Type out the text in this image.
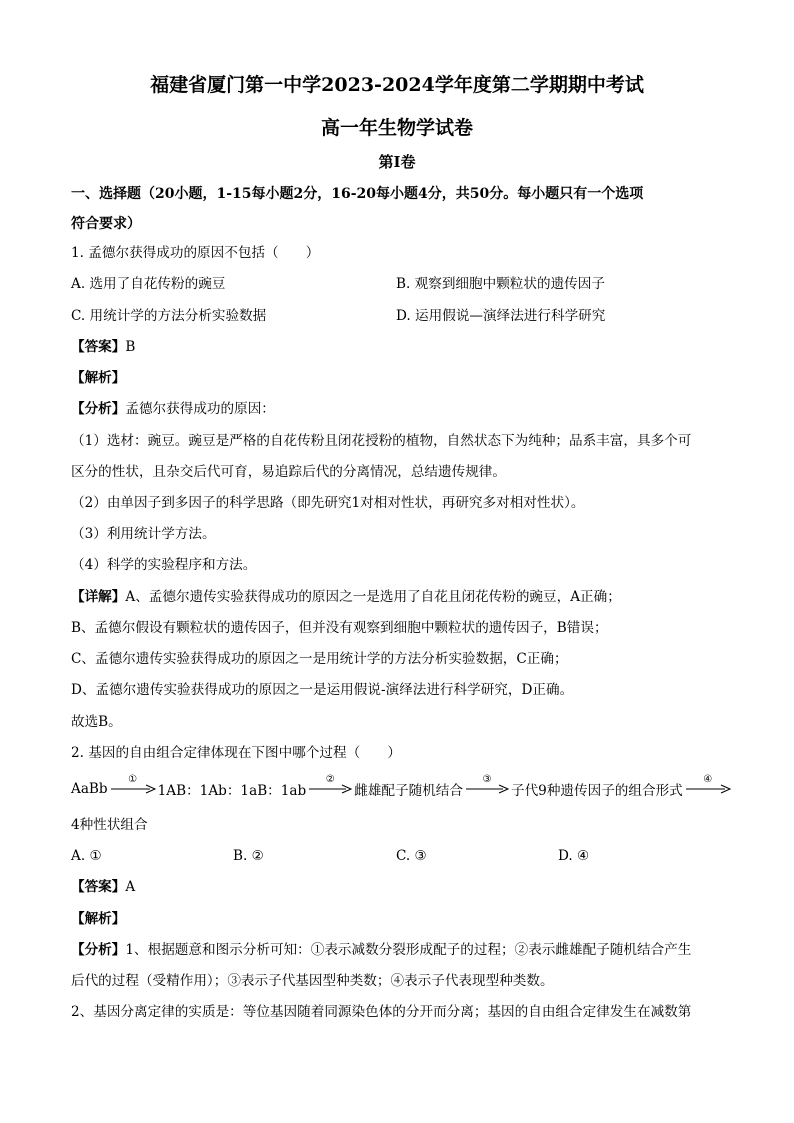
福建省厦门第一中学2023-2024学年度第二学期期中考试
高一年生物学试卷
第Ⅰ卷
一、选择题（20小题，1-15每小题2分，16-20每小题4分，共50分。每小题只有一个选项
符合要求）
1. 孟德尔获得成功的原因不包括（　　）
A. 选用了自花传粉的豌豆	B. 观察到细胞中颗粒状的遗传因子
C. 用统计学的方法分析实验数据	D. 运用假说—演绎法进行科学研究
【答案】B
【解析】
【分析】孟德尔获得成功的原因：
（1）选材：豌豆。豌豆是严格的自花传粉且闭花授粉的植物，自然状态下为纯种；品系丰富，具多个可
区分的性状，且杂交后代可育，易追踪后代的分离情况，总结遗传规律。
（2）由单因子到多因子的科学思路（即先研究1对相对性状，再研究多对相对性状）。
（3）利用统计学方法。
（4）科学的实验程序和方法。
【详解】A、孟德尔遗传实验获得成功的原因之一是选用了自花且闭花传粉的豌豆，A正确；
B、孟德尔假设有颗粒状的遗传因子，但并没有观察到细胞中颗粒状的遗传因子，B错误；
C、孟德尔遗传实验获得成功的原因之一是用统计学的方法分析实验数据，C正确；
D、孟德尔遗传实验获得成功的原因之一是运用假说-演绎法进行科学研究，D正确。
故选B。
2. 基因的自由组合定律体现在下图中哪个过程（　　）
AaBb
①
1AB：1Ab：1aB：1ab
②
雌雄配子随机结合
③
子代9种遗传因子的组合形式
④
4种性状组合
A. ①	B. ②	C. ③	D. ④
【答案】A
【解析】
【分析】1、根据题意和图示分析可知：①表示减数分裂形成配子的过程；②表示雌雄配子随机结合产生
后代的过程（受精作用）；③表示子代基因型种类数；④表示子代表现型种类数。
2、基因分离定律的实质是：等位基因随着同源染色体的分开而分离；基因的自由组合定律发生在减数第
